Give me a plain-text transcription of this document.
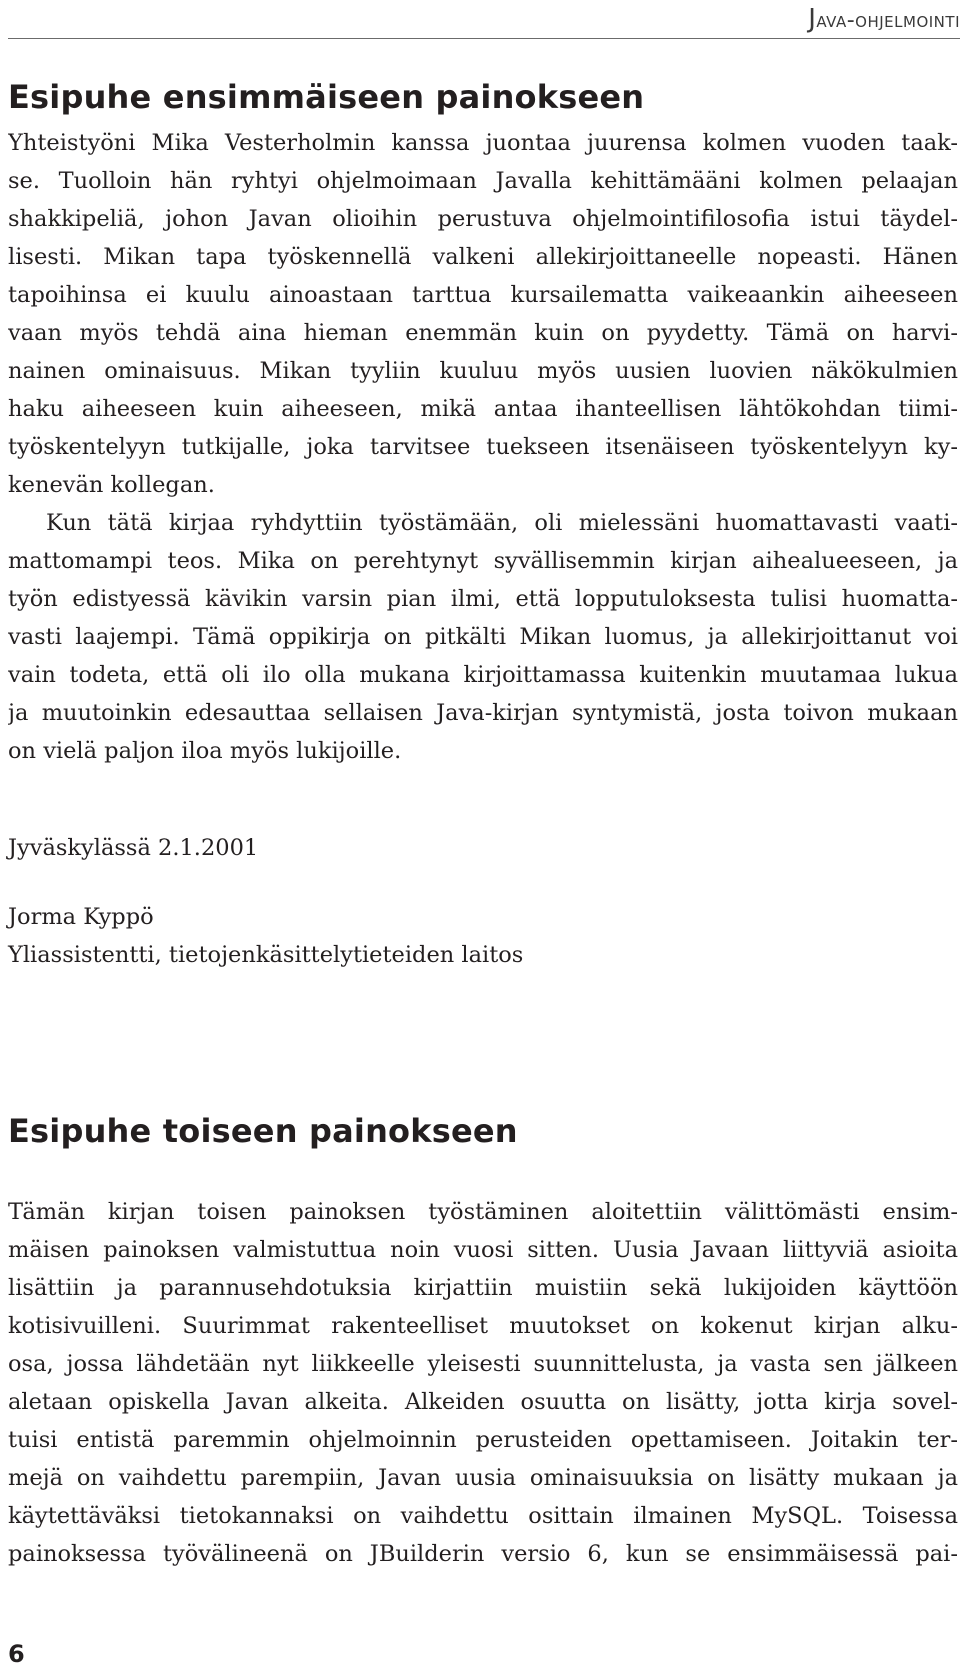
Java-ohjelmointi
Esipuhe ensimmäiseen painokseen
Yhteistyöni Mika Vesterholmin kanssa juontaa juurensa kolmen vuoden taak-
se. Tuolloin hän ryhtyi ohjelmoimaan Javalla kehittämääni kolmen pelaajan
shakkipeliä, johon Javan olioihin perustuva ohjelmointifilosofia istui täydel-
lisesti. Mikan tapa työskennellä valkeni allekirjoittaneelle nopeasti. Hänen
tapoihinsa ei kuulu ainoastaan tarttua kursailematta vaikeaankin aiheeseen
vaan myös tehdä aina hieman enemmän kuin on pyydetty. Tämä on harvi-
nainen ominaisuus. Mikan tyyliin kuuluu myös uusien luovien näkökulmien
haku aiheeseen kuin aiheeseen, mikä antaa ihanteellisen lähtökohdan tiimi-
työskentelyyn tutkijalle, joka tarvitsee tuekseen itsenäiseen työskentelyyn ky-
kenevän kollegan.
Kun tätä kirjaa ryhdyttiin työstämään, oli mielessäni huomattavasti vaati-
mattomampi teos. Mika on perehtynyt syvällisemmin kirjan aihealueeseen, ja
työn edistyessä kävikin varsin pian ilmi, että lopputuloksesta tulisi huomatta-
vasti laajempi. Tämä oppikirja on pitkälti Mikan luomus, ja allekirjoittanut voi
vain todeta, että oli ilo olla mukana kirjoittamassa kuitenkin muutamaa lukua
ja muutoinkin edesauttaa sellaisen Java-kirjan syntymistä, josta toivon mukaan
on vielä paljon iloa myös lukijoille.
Jyväskylässä 2.1.2001
Jorma Kyppö
Yliassistentti, tietojenkäsittelytieteiden laitos
Esipuhe toiseen painokseen
Tämän kirjan toisen painoksen työstäminen aloitettiin välittömästi ensim-
mäisen painoksen valmistuttua noin vuosi sitten. Uusia Javaan liittyviä asioita
lisättiin ja parannusehdotuksia kirjattiin muistiin sekä lukijoiden käyttöön
kotisivuilleni. Suurimmat rakenteelliset muutokset on kokenut kirjan alku-
osa, jossa lähdetään nyt liikkeelle yleisesti suunnittelusta, ja vasta sen jälkeen
aletaan opiskella Javan alkeita. Alkeiden osuutta on lisätty, jotta kirja sovel-
tuisi entistä paremmin ohjelmoinnin perusteiden opettamiseen. Joitakin ter-
mejä on vaihdettu parempiin, Javan uusia ominaisuuksia on lisätty mukaan ja
käytettäväksi tietokannaksi on vaihdettu osittain ilmainen MySQL. Toisessa
painoksessa työvälineenä on JBuilderin versio 6, kun se ensimmäisessä pai-
6
